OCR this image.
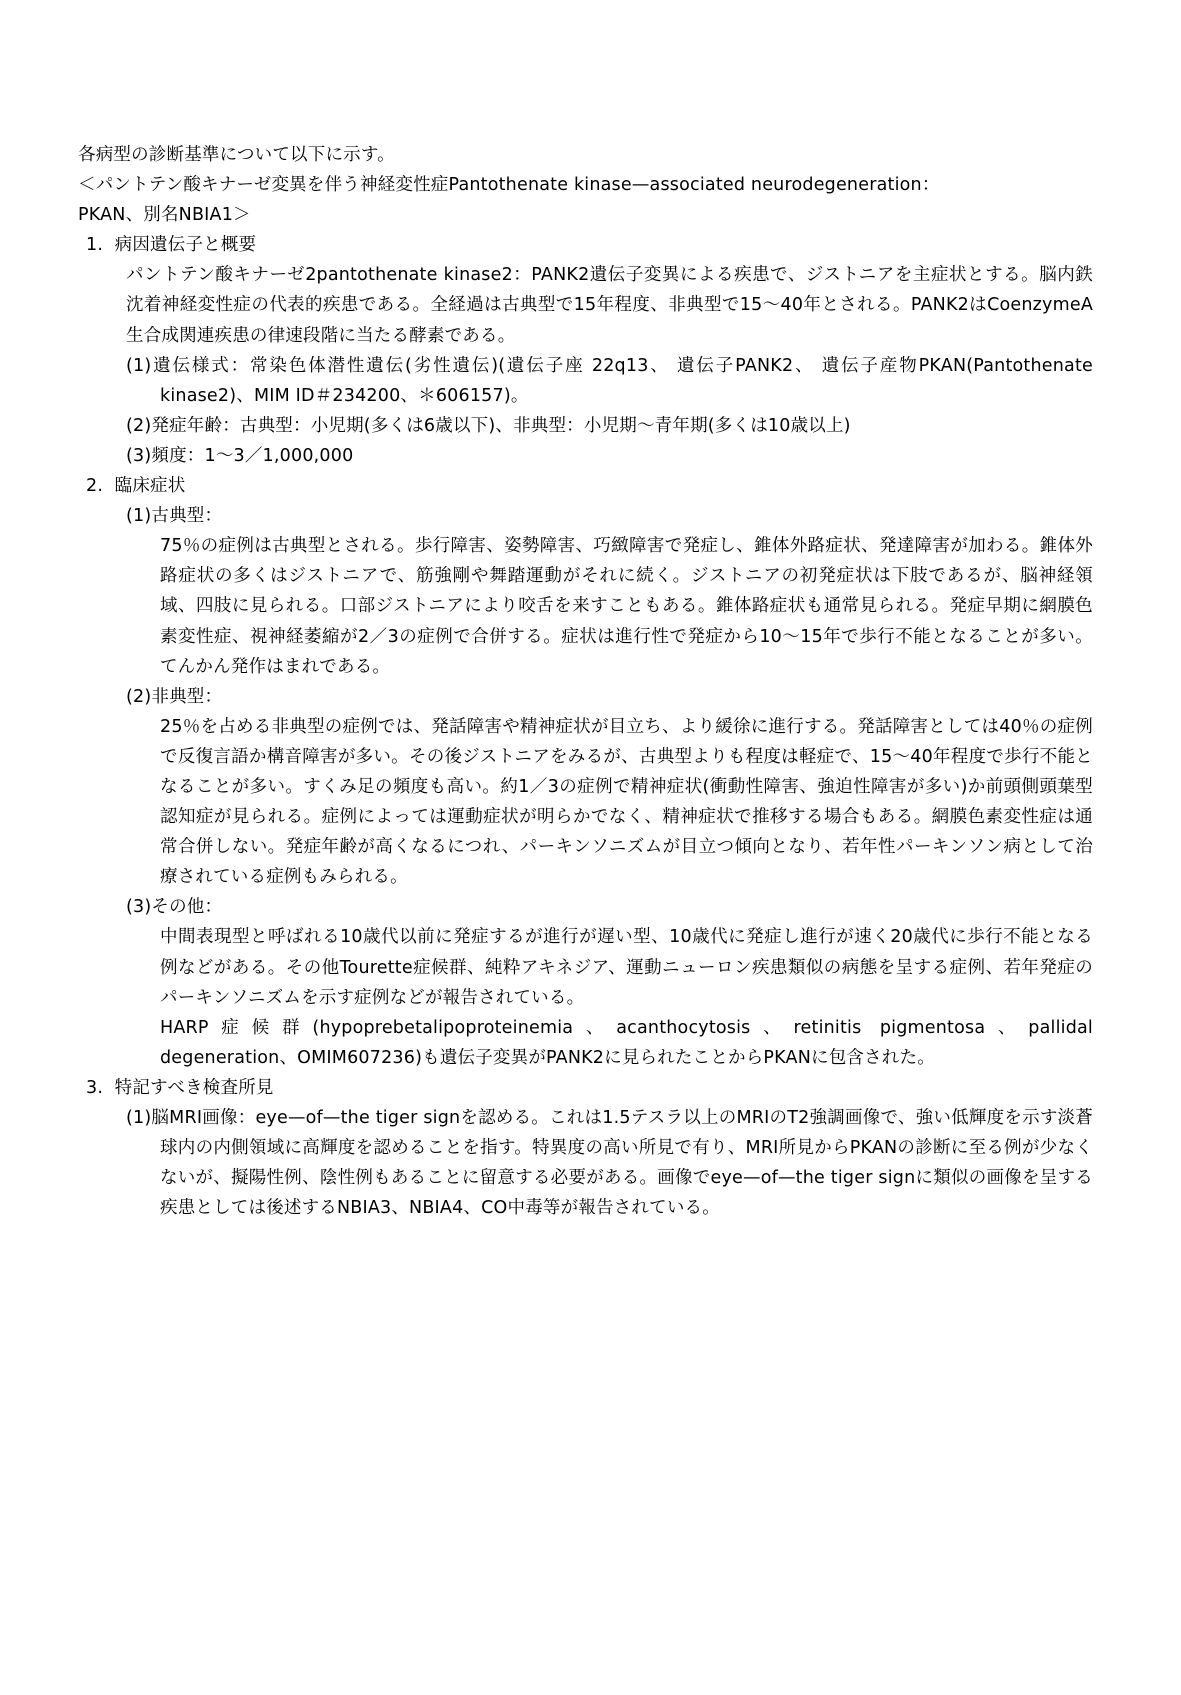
各病型の診断基準について以下に示す。

＜パントテン酸キナーゼ変異を伴う神経変性症Pantothenate kinase—associated neurodegeneration：

PKAN、別名NBIA1＞

1. 病因遺伝子と概要

パントテン酸キナーゼ2pantothenate kinase2：PANK2遺伝子変異による疾患で、ジストニアを主症状とする。脳内鉄沈着神経変性症の代表的疾患である。全経過は古典型で15年程度、非典型で15〜40年とされる。PANK2はCoenzymeA生合成関連疾患の律速段階に当たる酵素である。

(1)遺伝様式：常染色体潜性遺伝(劣性遺伝)(遺伝子座 22q13、 遺伝子PANK2、 遺伝子産物PKAN(Pantothenate kinase2)、MIM ID＃234200、＊606157)。

(2)発症年齢：古典型：小児期(多くは6歳以下)、非典型：小児期〜青年期(多くは10歳以上)

(3)頻度：1〜3／1,000,000

2. 臨床症状

(1)古典型：

75％の症例は古典型とされる。歩行障害、姿勢障害、巧緻障害で発症し、錐体外路症状、発達障害が加わる。錐体外路症状の多くはジストニアで、筋強剛や舞踏運動がそれに続く。ジストニアの初発症状は下肢であるが、脳神経領域、四肢に見られる。口部ジストニアにより咬舌を来すこともある。錐体路症状も通常見られる。発症早期に網膜色素変性症、視神経萎縮が2／3の症例で合併する。症状は進行性で発症から10〜15年で歩行不能となることが多い。てんかん発作はまれである。

(2)非典型：

25％を占める非典型の症例では、発話障害や精神症状が目立ち、より緩徐に進行する。発話障害としては40％の症例で反復言語か構音障害が多い。その後ジストニアをみるが、古典型よりも程度は軽症で、15〜40年程度で歩行不能となることが多い。すくみ足の頻度も高い。約1／3の症例で精神症状(衝動性障害、強迫性障害が多い)か前頭側頭葉型認知症が見られる。症例によっては運動症状が明らかでなく、精神症状で推移する場合もある。網膜色素変性症は通常合併しない。発症年齢が高くなるにつれ、パーキンソニズムが目立つ傾向となり、若年性パーキンソン病として治療されている症例もみられる。

(3)その他：

中間表現型と呼ばれる10歳代以前に発症するが進行が遅い型、10歳代に発症し進行が速く20歳代に歩行不能となる例などがある。その他Tourette症候群、純粋アキネジア、運動ニューロン疾患類似の病態を呈する症例、若年発症のパーキンソニズムを示す症例などが報告されている。

HARP症候群(hypoprebetalipoproteinemia、acanthocytosis、retinitis pigmentosa、pallidal degeneration、OMIM607236)も遺伝子変異がPANK2に見られたことからPKANに包含された。

3. 特記すべき検査所見

(1)脳MRI画像：eye—of—the tiger signを認める。これは1.5テスラ以上のMRIのT2強調画像で、強い低輝度を示す淡蒼球内の内側領域に高輝度を認めることを指す。特異度の高い所見で有り、MRI所見からPKANの診断に至る例が少なくないが、擬陽性例、陰性例もあることに留意する必要がある。画像でeye—of—the tiger signに類似の画像を呈する疾患としては後述するNBIA3、NBIA4、CO中毒等が報告されている。
